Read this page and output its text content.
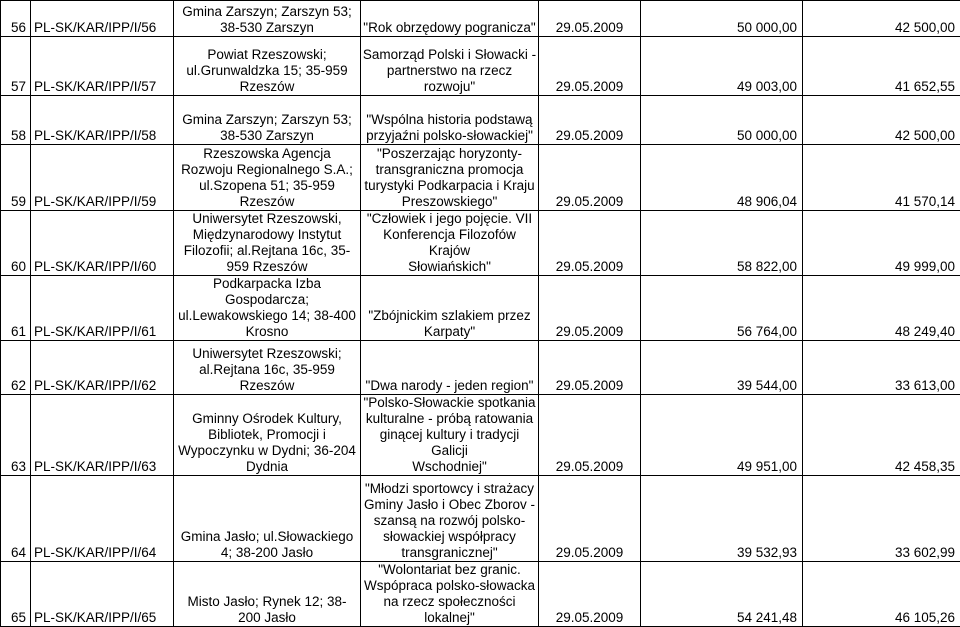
56	PL-SK/KAR/IPP/I/56	Gmina Zarszyn; Zarszyn 53;
38-530 Zarszyn	"Rok obrzędowy pogranicza"	29.05.2009	50 000,00	42 500,00
57	PL-SK/KAR/IPP/I/57	Powiat Rzeszowski;
ul.Grunwaldzka 15; 35-959
Rzeszów	Samorząd Polski i Słowacki -
partnerstwo na rzecz rozwoju"	29.05.2009	49 003,00	41 652,55
58	PL-SK/KAR/IPP/I/58	Gmina Zarszyn; Zarszyn 53;
38-530 Zarszyn	"Wspólna historia podstawą
przyjaźni polsko-słowackiej"	29.05.2009	50 000,00	42 500,00
59	PL-SK/KAR/IPP/I/59	Rzeszowska Agencja
Rozwoju Regionalnego S.A.;
ul.Szopena 51; 35-959
Rzeszów	"Poszerzając horyzonty-
transgraniczna promocja
turystyki Podkarpacia i Kraju
Preszowskiego"	29.05.2009	48 906,04	41 570,14
60	PL-SK/KAR/IPP/I/60	Uniwersytet Rzeszowski,
Międzynarodowy Instytut
Filozofii; al.Rejtana 16c, 35-
959 Rzeszów	"Człowiek i jego pojęcie. VII
Konferencja Filozofów Krajów
Słowiańskich"	29.05.2009	58 822,00	49 999,00
61	PL-SK/KAR/IPP/I/61	Podkarpacka Izba
Gospodarcza;
ul.Lewakowskiego 14; 38-400
Krosno	"Zbójnickim szlakiem przez
Karpaty"	29.05.2009	56 764,00	48 249,40
62	PL-SK/KAR/IPP/I/62	Uniwersytet Rzeszowski;
al.Rejtana 16c, 35-959
Rzeszów	"Dwa narody - jeden region"	29.05.2009	39 544,00	33 613,00
63	PL-SK/KAR/IPP/I/63	Gminny Ośrodek Kultury,
Bibliotek, Promocji i
Wypoczynku w Dydni; 36-204
Dydnia	"Polsko-Słowackie spotkania
kulturalne - próbą ratowania
ginącej kultury i tradycji Galicji
Wschodniej"	29.05.2009	49 951,00	42 458,35
64	PL-SK/KAR/IPP/I/64	Gmina Jasło; ul.Słowackiego
4; 38-200 Jasło	"Młodzi sportowcy i strażacy
Gminy Jasło i Obec Zborov -
szansą na rozwój polsko-
słowackiej współpracy
transgranicznej"	29.05.2009	39 532,93	33 602,99
65	PL-SK/KAR/IPP/I/65	Misto Jasło; Rynek 12; 38-
200 Jasło	"Wolontariat bez granic.
Wspópraca polsko-słowacka
na rzecz społeczności
lokalnej"	29.05.2009	54 241,48	46 105,26
